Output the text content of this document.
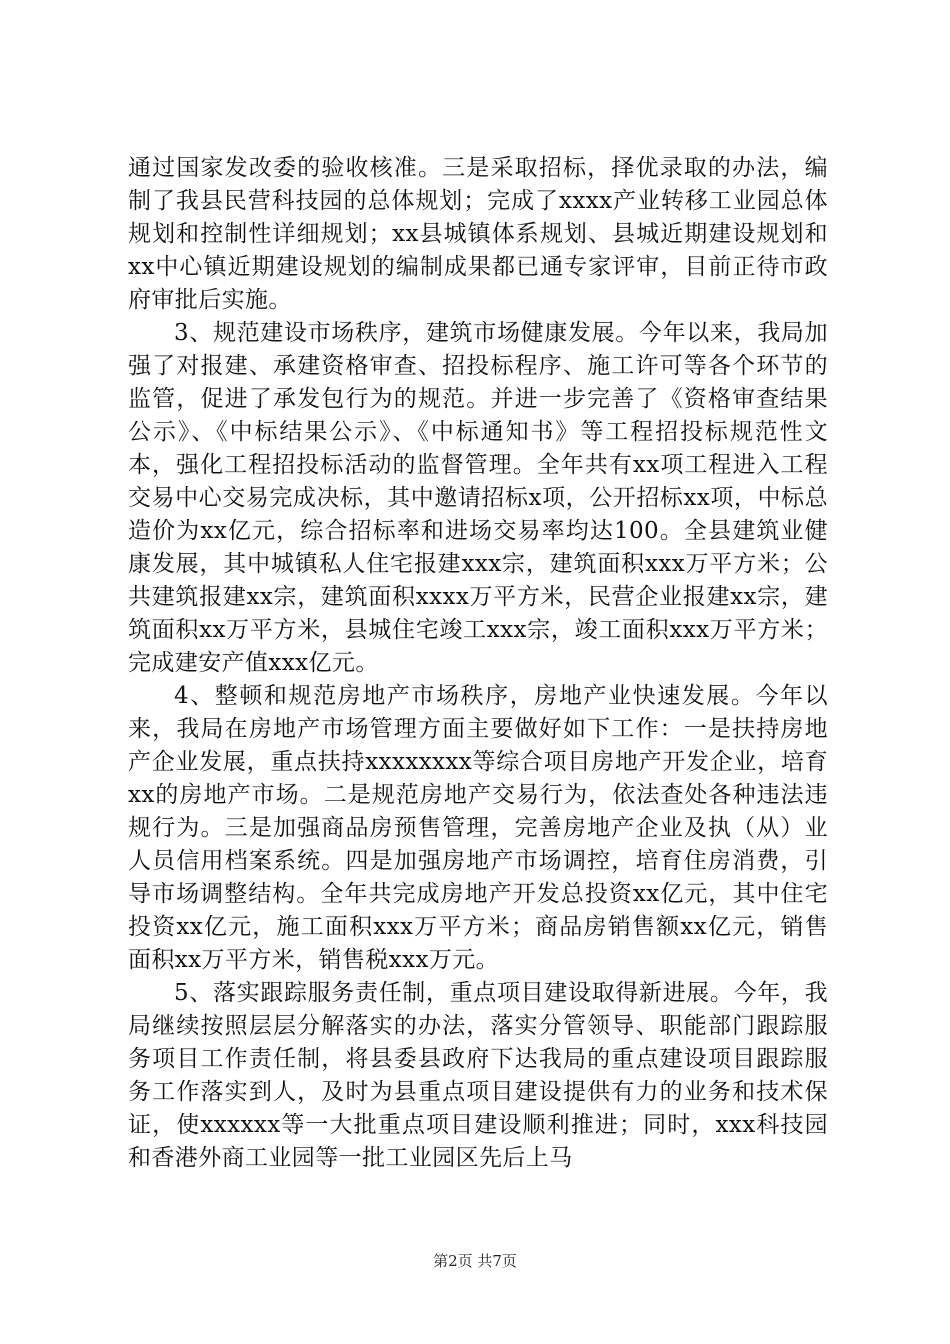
通过国家发改委的验收核准。三是采取招标，择优录取的办法，编制了我县民营科技园的总体规划；完成了xxxx产业转移工业园总体规划和控制性详细规划；xx县城镇体系规划、县城近期建设规划和xx中心镇近期建设规划的编制成果都已通专家评审，目前正待市政府审批后实施。

3、规范建设市场秩序，建筑市场健康发展。今年以来，我局加强了对报建、承建资格审查、招投标程序、施工许可等各个环节的监管，促进了承发包行为的规范。并进一步完善了《资格审查结果公示》、《中标结果公示》、《中标通知书》等工程招投标规范性文本，强化工程招投标活动的监督管理。全年共有xx项工程进入工程交易中心交易完成决标，其中邀请招标x项，公开招标xx项，中标总造价为xx亿元，综合招标率和进场交易率均达100。全县建筑业健康发展，其中城镇私人住宅报建xxx宗，建筑面积xxx万平方米；公共建筑报建xx宗，建筑面积xxxx万平方米，民营企业报建xx宗，建筑面积xx万平方米，县城住宅竣工xxx宗，竣工面积xxx万平方米；完成建安产值xxx亿元。

4、整顿和规范房地产市场秩序，房地产业快速发展。今年以来，我局在房地产市场管理方面主要做好如下工作：一是扶持房地产企业发展，重点扶持xxxxxxxx等综合项目房地产开发企业，培育xx的房地产市场。二是规范房地产交易行为，依法查处各种违法违规行为。三是加强商品房预售管理，完善房地产企业及执（从）业人员信用档案系统。四是加强房地产市场调控，培育住房消费，引导市场调整结构。全年共完成房地产开发总投资xx亿元，其中住宅投资xx亿元，施工面积xxx万平方米；商品房销售额xx亿元，销售面积xx万平方米，销售税xxx万元。

5、落实跟踪服务责任制，重点项目建设取得新进展。今年，我局继续按照层层分解落实的办法，落实分管领导、职能部门跟踪服务项目工作责任制，将县委县政府下达我局的重点建设项目跟踪服务工作落实到人，及时为县重点项目建设提供有力的业务和技术保证，使xxxxxx等一大批重点项目建设顺利推进；同时，xxx科技园和香港外商工业园等一批工业园区先后上马

第2页 共7页
